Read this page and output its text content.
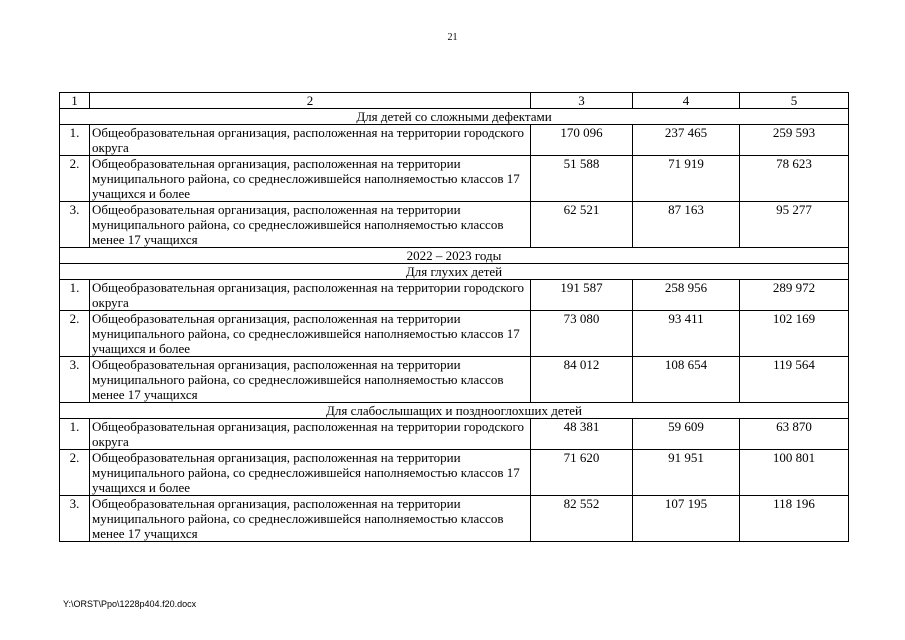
21
1	2	3	4	5
Для детей со сложными дефектами				
1.	Общеобразовательная организация, расположенная на территории городского округа	170 096	237 465	259 593
2.	Общеобразовательная организация, расположенная на территории муниципального района, со среднесложившейся наполняемостью классов 17 учащихся и более	51 588	71 919	78 623
3.	Общеобразовательная организация, расположенная на территории муниципального района, со среднесложившейся наполняемостью классов менее 17 учащихся	62 521	87 163	95 277
2022 – 2023 годы				
Для глухих детей				
1.	Общеобразовательная организация, расположенная на территории городского округа	191 587	258 956	289 972
2.	Общеобразовательная организация, расположенная на территории муниципального района, со среднесложившейся наполняемостью классов 17 учащихся и более	73 080	93 411	102 169
3.	Общеобразовательная организация, расположенная на территории муниципального района, со среднесложившейся наполняемостью классов менее 17 учащихся	84 012	108 654	119 564
Для слабослышащих и позднооглохших детей				
1.	Общеобразовательная организация, расположенная на территории городского округа	48 381	59 609	63 870
2.	Общеобразовательная организация, расположенная на территории муниципального района, со среднесложившейся наполняемостью классов 17 учащихся и более	71 620	91 951	100 801
3.	Общеобразовательная организация, расположенная на территории муниципального района, со среднесложившейся наполняемостью классов менее 17 учащихся	82 552	107 195	118 196
Y:\ORST\Ppo\1228p404.f20.docx
